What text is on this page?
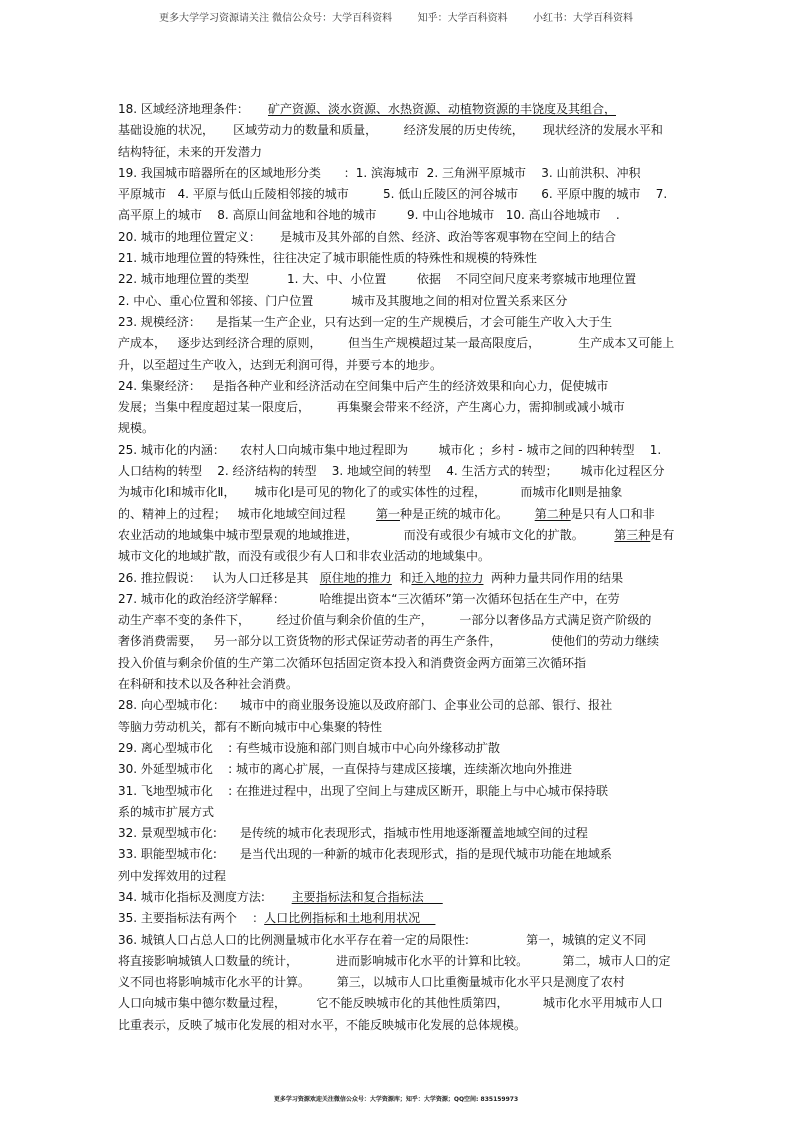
更多大学学习资源请关注 微信公众号：大学百科资料        知乎：大学百科资料        小红书：大学百科资料
18. 区域经济地理条件：     矿产资源、淡水资源、水热资源、动植物资源的丰饶度及其组合，
基础设施的状况，     区域劳动力的数量和质量，       经济发展的历史传统，     现状经济的发展水平和
结构特征，未来的开发潜力
19. 我国城市暗器所在的区域地形分类      ：1. 滨海城市  2. 三角洲平原城市    3. 山前洪积、冲积
平原城市   4. 平原与低山丘陵相邻接的城市         5. 低山丘陵区的河谷城市      6. 平原中腹的城市    7.
高平原上的城市    8. 高原山间盆地和谷地的城市        9. 中山谷地城市   10. 高山谷地城市    .
20. 城市的地理位置定义：     是城市及其外部的自然、经济、政治等客观事物在空间上的结合
21. 城市地理位置的特殊性，往往决定了城市职能性质的特殊性和规模的特殊性
22. 城市地理位置的类型          1. 大、中、小位置        依据    不同空间尺度来考察城市地理位置
2. 中心、重心位置和邻接、门户位置          城市及其腹地之间的相对位置关系来区分
23. 规模经济：    是指某一生产企业，只有达到一定的生产规模后，才会可能生产收入大于生
产成本，   逐步达到经济合理的原则，       但当生产规模超过某一最高限度后，          生产成本又可能上
升，以至超过生产收入，达到无利润可得，并要亏本的地步。
24. 集聚经济：   是指各种产业和经济活动在空间集中后产生的经济效果和向心力，促使城市
发展；当集中程度超过某一限度后，       再集聚会带来不经济，产生离心力，需抑制或减小城市
规模。
25. 城市化的内涵：    农村人口向城市集中地过程即为        城市化 ；乡村 - 城市之间的四种转型    1.
人口结构的转型    2. 经济结构的转型    3. 地域空间的转型    4. 生活方式的转型；      城市化过程区分
为城市化Ⅰ和城市化Ⅱ，     城市化Ⅰ是可见的物化了的或实体性的过程，         而城市化Ⅱ则是抽象
的、精神上的过程；   城市化地域空间过程        第一种是正统的城市化。       第二种是只有人口和非
农业活动的地域集中城市型景观的地域推进，            而没有或很少有城市文化的扩散。        第三种是有
城市文化的地域扩散，而没有或很少有人口和非农业活动的地域集中。
26. 推拉假说：   认为人口迁移是其   原住地的推力  和迁入地的拉力  两种力量共同作用的结果
27. 城市化的政治经济学解释：         哈维提出资本“三次循环”第一次循环包括在生产中，在劳
动生产率不变的条件下，       经过价值与剩余价值的生产，       一部分以奢侈品方式满足资产阶级的
奢侈消费需要，   另一部分以工资货物的形式保证劳动者的再生产条件，             使他们的劳动力继续
投入价值与剩余价值的生产第二次循环包括固定资本投入和消费资金两方面第三次循环指
在科研和技术以及各种社会消费。
28. 向心型城市化：    城市中的商业服务设施以及政府部门、企事业公司的总部、银行、报社
等脑力劳动机关，都有不断向城市中心集聚的特性
29. 离心型城市化    : 有些城市设施和部门则自城市中心向外缘移动扩散
30. 外延型城市化    : 城市的离心扩展，一直保持与建成区接壤，连续渐次地向外推进
31. 飞地型城市化    : 在推进过程中，出现了空间上与建成区断开，职能上与中心城市保持联
系的城市扩展方式
32. 景观型城市化:      是传统的城市化表现形式，指城市性用地逐渐覆盖地域空间的过程
33. 职能型城市化:      是当代出现的一种新的城市化表现形式，指的是现代城市功能在地域系
列中发挥效用的过程
34. 城市化指标及测度方法:       主要指标法和复合指标法
35. 主要指标法有两个    ：人口比例指标和土地利用状况
36. 城镇人口占总人口的比例测量城市化水平存在着一定的局限性:               第一，城镇的定义不同
将直接影响城镇人口数量的统计，          进而影响城市化水平的计算和比较。         第二，城市人口的定
义不同也将影响城市化水平的计算。       第三，以城市人口比重衡量城市化水平只是测度了农村
人口向城市集中德尔数量过程，        它不能反映城市化的其他性质第四，         城市化水平用城市人口
比重表示，反映了城市化发展的相对水平，不能反映城市化发展的总体规模。
更多学习资源欢迎关注微信公众号：大学资源库；知乎：大学资源；QQ空间: 835159973
